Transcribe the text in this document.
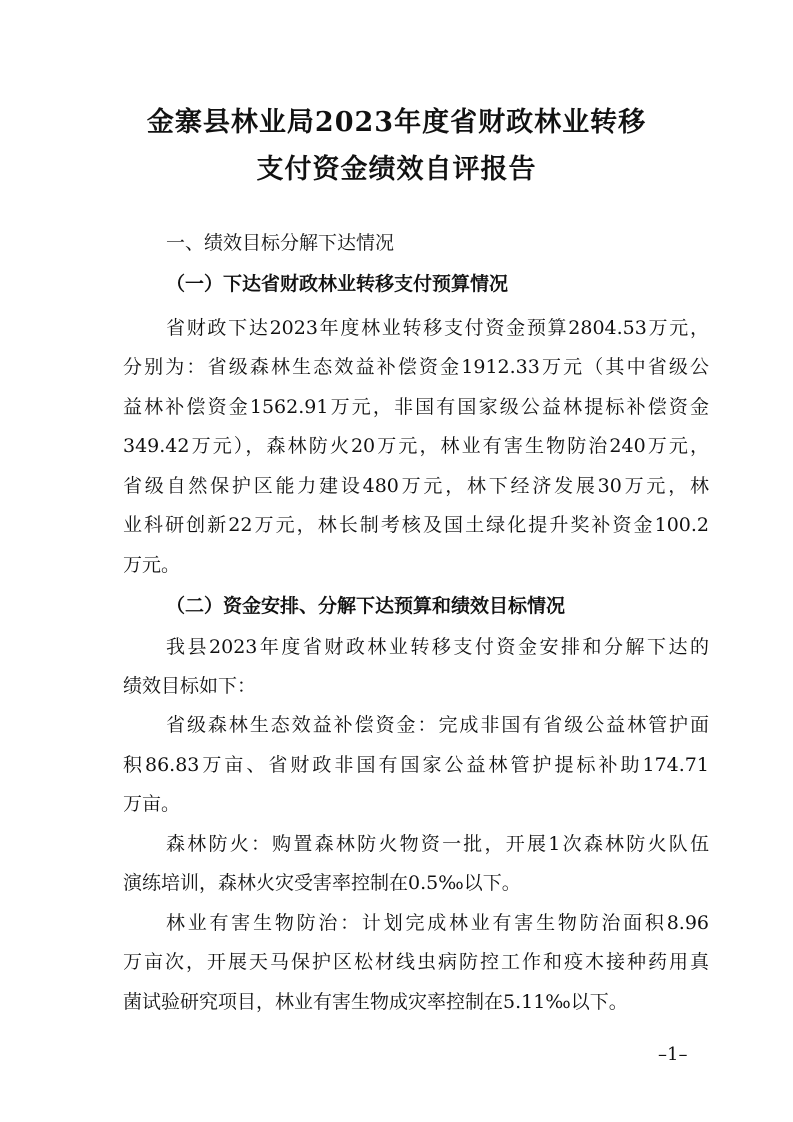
金寨县林业局2023年度省财政林业转移
支付资金绩效自评报告
一、绩效目标分解下达情况
（一）下达省财政林业转移支付预算情况
省财政下达2023年度林业转移支付资金预算2804.53万元，
分别为：省级森林生态效益补偿资金1912.33万元（其中省级公
益林补偿资金1562.91万元，非国有国家级公益林提标补偿资金
349.42万元），森林防火20万元，林业有害生物防治240万元，
省级自然保护区能力建设480万元，林下经济发展30万元，林
业科研创新22万元，林长制考核及国土绿化提升奖补资金100.2
万元。
（二）资金安排、分解下达预算和绩效目标情况
我县2023年度省财政林业转移支付资金安排和分解下达的
绩效目标如下：
省级森林生态效益补偿资金：完成非国有省级公益林管护面
积86.83万亩、省财政非国有国家公益林管护提标补助174.71
万亩。
森林防火：购置森林防火物资一批，开展1次森林防火队伍
演练培训，森林火灾受害率控制在0.5‰以下。
林业有害生物防治：计划完成林业有害生物防治面积8.96
万亩次，开展天马保护区松材线虫病防控工作和疫木接种药用真
菌试验研究项目，林业有害生物成灾率控制在5.11‰以下。
–1–
